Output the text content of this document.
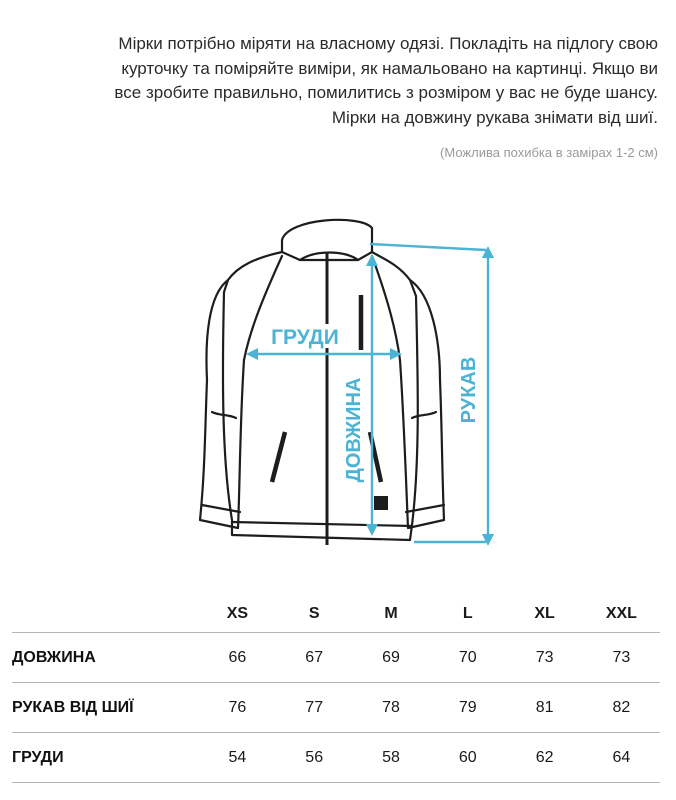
Мірки потрібно міряти на власному одязі. Покладіть на підлогу свою
курточку та поміряйте виміри, як намальовано на картинці. Якщо ви
все зробите правильно, помилитись з розміром у вас не буде шансу.
Мірки на довжину рукава знімати від шиї.
(Можлива похибка в замірах 1-2 см)
ГРУДИ
ДОВЖИНА	РУКАВ
XS	S	M	L	XL	XXL
ДОВЖИНА	66	67	69	70	73	73
РУКАВ ВІД ШИЇ	76	77	78	79	81	82
ГРУДИ	54	56	58	60	62	64
